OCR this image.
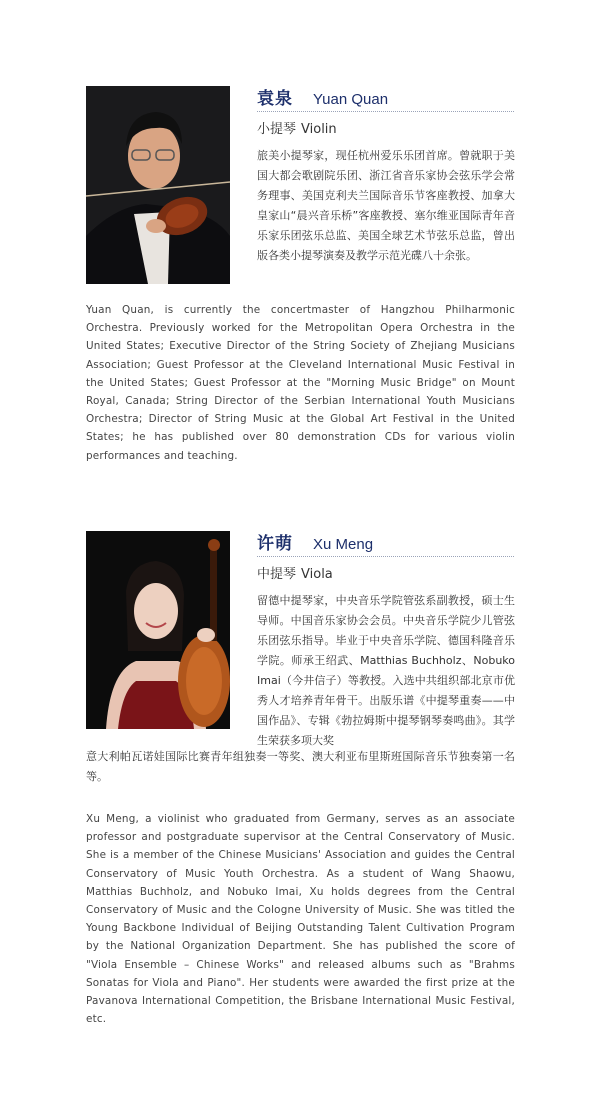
袁泉 Yuan Quan
小提琴 Violin

旅美小提琴家，现任杭州爱乐乐团首席。曾就职于美国大都会歌剧院乐团、浙江省音乐家协会弦乐学会常务理事、美国克利夫兰国际音乐节客座教授、加拿大皇家山“晨兴音乐桥”客座教授、塞尔维亚国际青年音乐家乐团弦乐总监、美国全球艺术节弦乐总监，曾出版各类小提琴演奏及教学示范光碟八十余张。

Yuan Quan, is currently the concertmaster of Hangzhou Philharmonic Orchestra. Previously worked for the Metropolitan Opera Orchestra in the United States; Executive Director of the String Society of Zhejiang Musicians Association; Guest Professor at the Cleveland International Music Festival in the United States; Guest Professor at the "Morning Music Bridge" on Mount Royal, Canada; String Director of the Serbian International Youth Musicians Orchestra; Director of String Music at the Global Art Festival in the United States; he has published over 80 demonstration CDs for various violin performances and teaching.

许萌 Xu Meng
中提琴 Viola

留德中提琴家，中央音乐学院管弦系副教授，硕士生导师。中国音乐家协会会员。中央音乐学院少儿管弦乐团弦乐指导。毕业于中央音乐学院、德国科隆音乐学院。师承王绍武、Matthias Buchholz、Nobuko Imai（今井信子）等教授。入选中共组织部北京市优秀人才培养青年骨干。出版乐谱《中提琴重奏——中国作品》、专辑《勃拉姆斯中提琴钢琴奏鸣曲》。其学生荣获多项大奖

意大利帕瓦诺娃国际比赛青年组独奏一等奖、澳大利亚布里斯班国际音乐节独奏第一名等。

Xu Meng, a violinist who graduated from Germany, serves as an associate professor and postgraduate supervisor at the Central Conservatory of Music. She is a member of the Chinese Musicians' Association and guides the Central Conservatory of Music Youth Orchestra. As a student of Wang Shaowu, Matthias Buchholz, and Nobuko Imai, Xu holds degrees from the Central Conservatory of Music and the Cologne University of Music. She was titled the Young Backbone Individual of Beijing Outstanding Talent Cultivation Program by the National Organization Department. She has published the score of "Viola Ensemble – Chinese Works" and released albums such as "Brahms Sonatas for Viola and Piano". Her students were awarded the first prize at the Pavanova International Competition, the Brisbane International Music Festival, etc.
